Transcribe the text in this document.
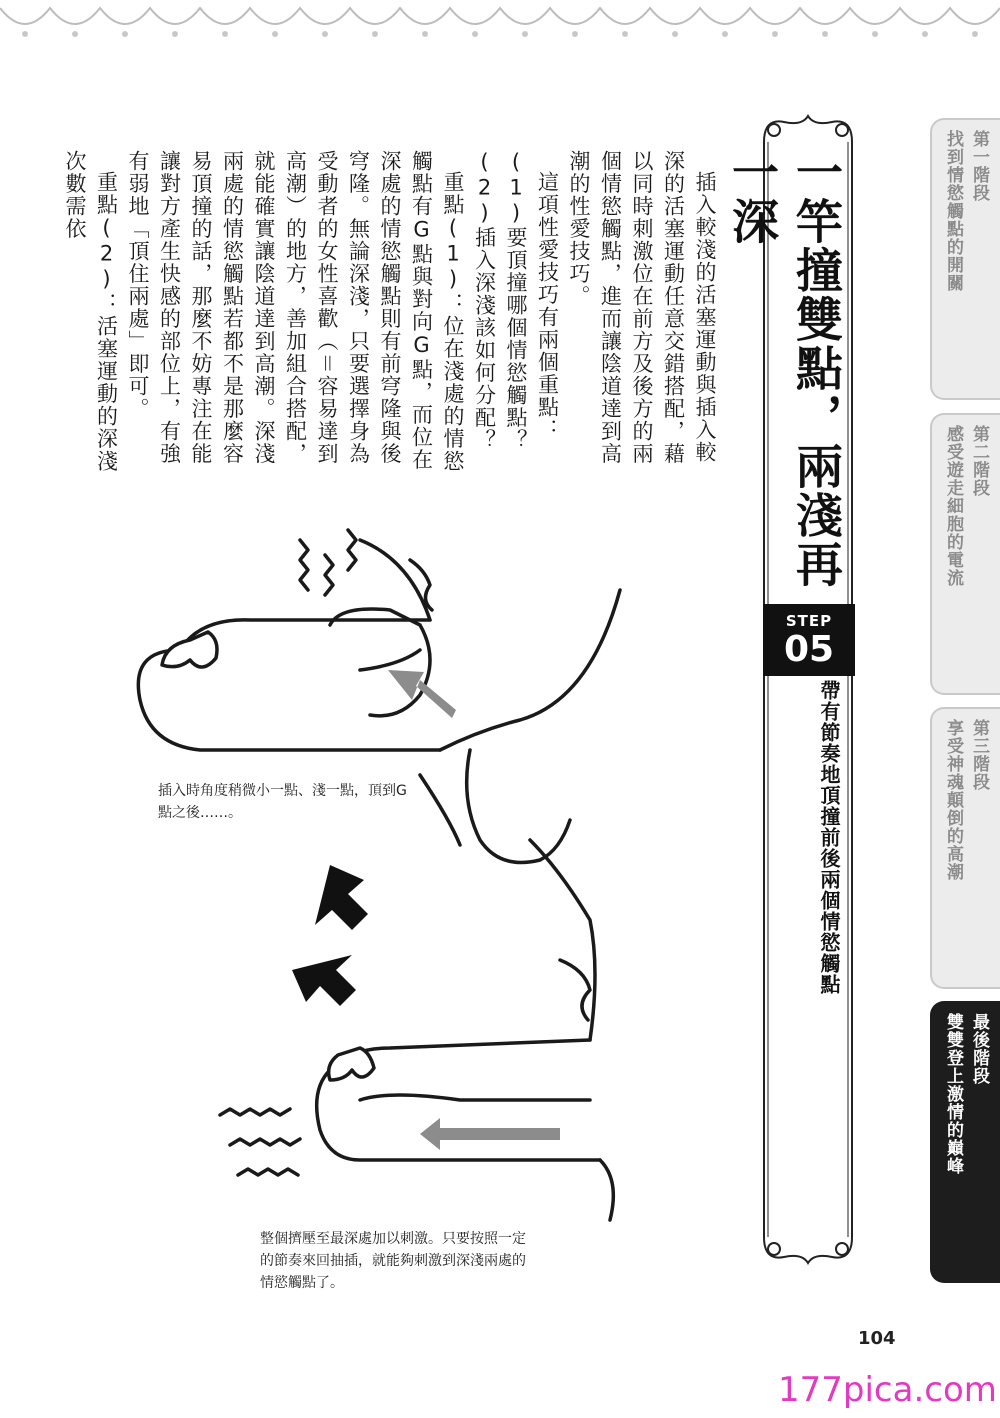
插入較淺的活塞運動與插入較深的活塞運動任意交錯搭配，藉以同時刺激位在前方及後方的兩個情慾觸點，進而讓陰道達到高潮的性愛技巧。

這項性愛技巧有兩個重點：(1)要頂撞哪個情慾觸點？(2)插入深淺該如何分配？

重點(1)：位在淺處的情慾觸點有G點與對向G點，而位在深處的情慾觸點則有前穹隆與後穹隆。無論深淺，只要選擇身為受動者的女性喜歡（＝容易達到高潮）的地方，善加組合搭配，就能確實讓陰道達到高潮。深淺兩處的情慾觸點若都不是那麼容易頂撞的話，那麼不妨專注在能讓對方產生快感的部位上，有強有弱地「頂住兩處」即可。

重點(2)：活塞運動的深淺次數需依	一竿撞雙點，兩淺再一深
STEP
05
帶有節奏地頂撞前後兩個情慾觸點
第一階段
找到情慾觸點的開關
第二階段
感受遊走細胞的電流
第三階段
享受神魂顛倒的高潮
最後階段
雙雙登上激情的巔峰
插入時角度稍微小一點、淺一點，頂到G點之後……。
整個擠壓至最深處加以刺激。只要按照一定的節奏來回抽插，就能夠刺激到深淺兩處的情慾觸點了。
104
177pica.com
